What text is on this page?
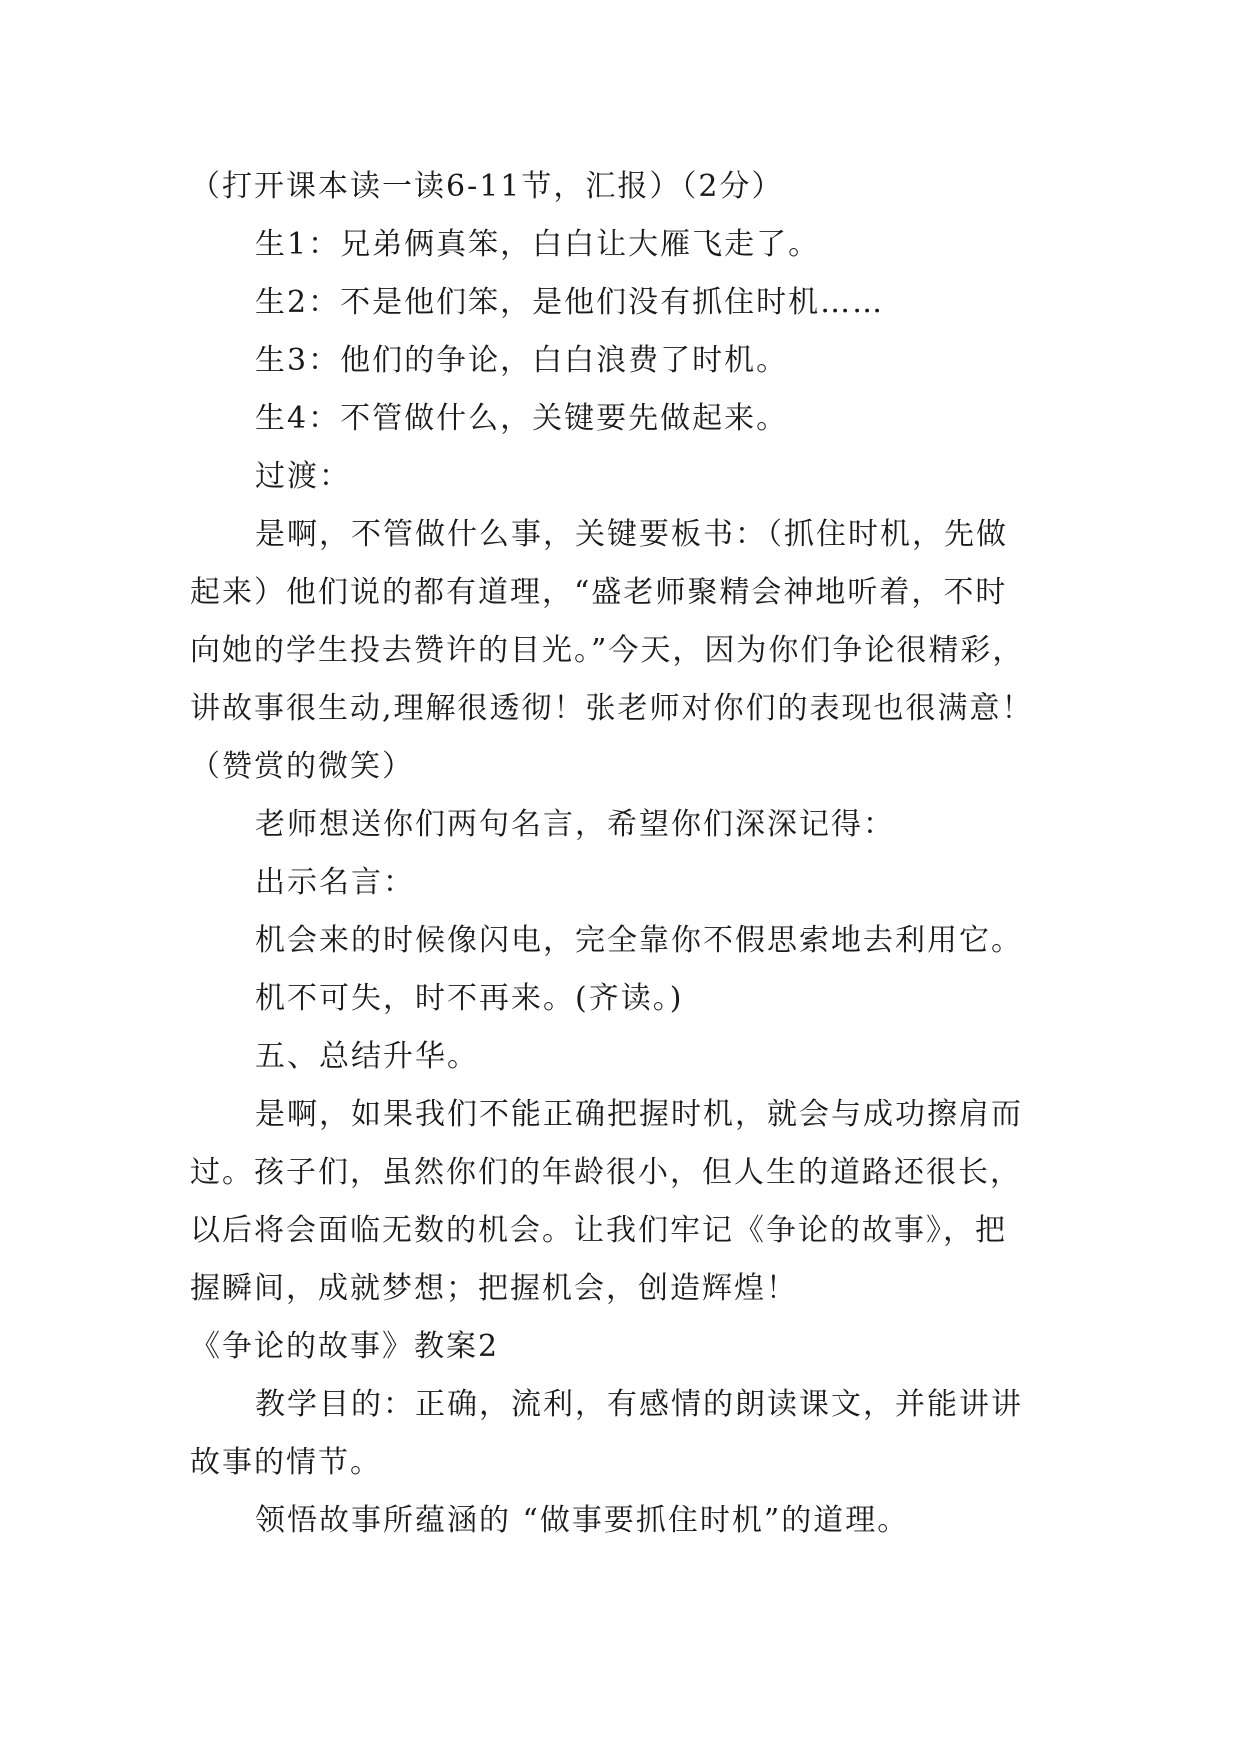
（打开课本读一读6-11节，汇报）（2分）
生1：兄弟俩真笨，白白让大雁飞走了。
生2：不是他们笨，是他们没有抓住时机……
生3：他们的争论，白白浪费了时机。
生4：不管做什么，关键要先做起来。
过渡：
是啊，不管做什么事，关键要板书：（抓住时机，先做
起来）他们说的都有道理，“盛老师聚精会神地听着，不时
向她的学生投去赞许的目光。”今天，因为你们争论很精彩，
讲故事很生动,理解很透彻！张老师对你们的表现也很满意！
（赞赏的微笑）
老师想送你们两句名言，希望你们深深记得：
出示名言：
机会来的时候像闪电，完全靠你不假思索地去利用它。
机不可失，时不再来。(齐读。)
五、总结升华。
是啊，如果我们不能正确把握时机，就会与成功擦肩而
过。孩子们，虽然你们的年龄很小，但人生的道路还很长，
以后将会面临无数的机会。让我们牢记《争论的故事》，把
握瞬间，成就梦想；把握机会，创造辉煌！
《争论的故事》教案2
教学目的：正确，流利，有感情的朗读课文，并能讲讲
故事的情节。
领悟故事所蕴涵的 “做事要抓住时机”的道理。
